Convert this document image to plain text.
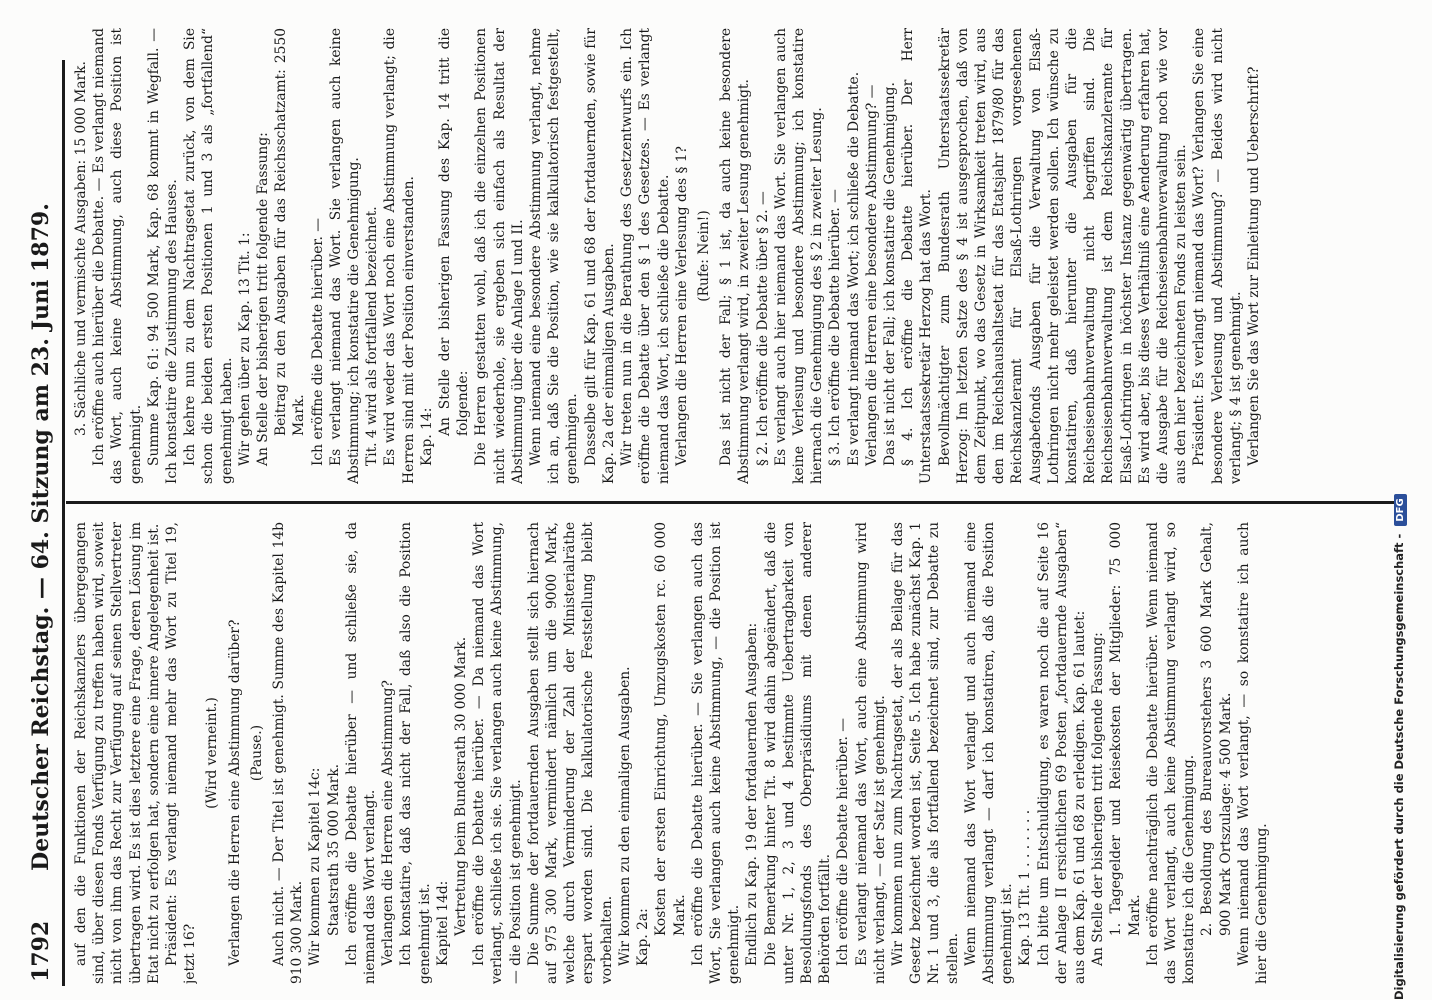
1792
Deutscher Reichstag. — 64. Sitzung am 23. Juni 1879. auf den die Funktionen der Reichskanzlers übergegangen sind, über diesen Fonds Verfügung zu treffen haben wird, soweit nicht von ihm das Recht zur Verfügung auf seinen Stellvertreter übertragen wird. Es ist dies letztere eine Frage, deren Lösung im Etat nicht zu erfolgen hat, sondern eine innere Angelegenheit ist. Präsident: Es verlangt niemand mehr das Wort zu Titel 19, jetzt 16?

(Wird verneint.) Verlangen die Herren eine Abstimmung darüber? (Pause.) Auch nicht. — Der Titel ist genehmigt. Summe des Kapitel 14b 910 300 Mark. Wir kommen zu Kapitel 14c: Staatsrath 35 000 Mark. Ich eröffne die Debatte hierüber — und schließe sie, da niemand das Wort verlangt. Verlangen die Herren eine Abstimmung? Ich konstatire, daß das nicht der Fall, daß also die Position genehmigt ist. Kapitel 14d: Vertretung beim Bundesrath 30 000 Mark. Ich eröffne die Debatte hierüber. — Da niemand das Wort verlangt, schließe ich sie. Sie verlangen auch keine Abstimmung, — die Position ist genehmigt. Die Summe der fortdauernden Ausgaben stellt sich hiernach auf 975 300 Mark, vermindert nämlich um die 9000 Mark, welche durch Verminderung der Zahl der Ministerialräthe erspart worden sind. Die kalkulatorische Feststellung bleibt vorbehalten. Wir kommen zu den einmaligen Ausgaben. Kap. 2a:

Kosten der ersten Einrichtung, Umzugskosten rc. 60 000 Mark. Ich eröffne die Debatte hierüber. — Sie verlangen auch das Wort, Sie verlangen auch keine Abstimmung, — die Position ist genehmigt. Endlich zu Kap. 19 der fortdauernden Ausgaben: Die Bemerkung hinter Tit. 8 wird dahin abgeändert, daß die unter Nr. 1, 2, 3 und 4 bestimmte Uebertragbarkeit von Besoldungsfonds des Oberpräsidiums mit denen anderer Behörden fortfällt. Ich eröffne die Debatte hierüber. — Es verlangt niemand das Wort, auch eine Abstimmung wird nicht verlangt, — der Satz ist genehmigt. Wir kommen nun zum Nachtragsetat, der als Beilage für das Gesetz bezeichnet worden ist, Seite 5. Ich habe zunächst Kap. 1 Nr. 1 und 3, die als fortfallend bezeichnet sind, zur Debatte zu stellen. Wenn niemand das Wort verlangt und auch niemand eine Abstimmung verlangt — darf ich konstatiren, daß die Position genehmigt ist. Kap. 13 Tit. 1 . . . . . . . Ich bitte um Entschuldigung, es waren noch die auf Seite 16 der Anlage II ersichtlichen 69 Posten „fortdauernde Ausgaben“ aus dem Kap. 61 und 68 zu erledigen. Kap. 61 lautet: An Stelle der bisherigen tritt folgende Fassung: 1. Tagegelder und Reisekosten der Mitglieder: 75 000 Mark. Ich eröffne nachträglich die Debatte hierüber. Wenn niemand das Wort verlangt, auch keine Abstimmung verlangt wird, so konstatire ich die Genehmigung. 2. Besoldung des Bureauvorstehers 3 600 Mark Gehalt, 900 Mark Ortszulage: 4 500 Mark. Wenn niemand das Wort verlangt, — so konstatire ich auch hier die Genehmigung.

3. Sächliche und vermischte Ausgaben: 15 000 Mark. Ich eröffne auch hierüber die Debatte. — Es verlangt niemand das Wort, auch keine Abstimmung, auch diese Position ist genehmigt. Summe Kap. 61: 94 500 Mark, Kap. 68 kommt in Wegfall. — Ich konstatire die Zustimmung des Hauses. Ich kehre nun zu dem Nachtragsetat zurück, von dem Sie schon die beiden ersten Positionen 1 und 3 als „fortfallend“ genehmigt haben. Wir gehen über zu Kap. 13 Tit. 1: An Stelle der bisherigen tritt folgende Fassung: Beitrag zu den Ausgaben für das Reichsschatzamt: 2550 Mark. Ich eröffne die Debatte hierüber. — Es verlangt niemand das Wort. Sie verlangen auch keine Abstimmung; ich konstatire die Genehmigung. Tit. 4 wird als fortfallend bezeichnet. Es wird weder das Wort noch eine Abstimmung verlangt; die Herren sind mit der Position einverstanden. Kap. 14:

An Stelle der bisherigen Fassung des Kap. 14 tritt die folgende: Die Herren gestatten wohl, daß ich die einzelnen Positionen nicht wiederhole, sie ergeben sich einfach als Resultat der Abstimmung über die Anlage I und II. Wenn niemand eine besondere Abstimmung verlangt, nehme ich an, daß Sie die Position, wie sie kalkulatorisch festgestellt, genehmigen. Dasselbe gilt für Kap. 61 und 68 der fortdauernden, sowie für Kap. 2a der einmaligen Ausgaben. Wir treten nun in die Berathung des Gesetzentwurfs ein. Ich eröffne die Debatte über den § 1 des Gesetzes. — Es verlangt niemand das Wort, ich schließe die Debatte. Verlangen die Herren eine Verlesung des § 1? (Rufe: Nein!) Das ist nicht der Fall; § 1 ist, da auch keine besondere Abstimmung verlangt wird, in zweiter Lesung genehmigt. § 2. Ich eröffne die Debatte über § 2. — Es verlangt auch hier niemand das Wort. Sie verlangen auch keine Verlesung und besondere Abstimmung; ich konstatire hiernach die Genehmigung des § 2 in zweiter Lesung. § 3. Ich eröffne die Debatte hierüber. — Es verlangt niemand das Wort; ich schließe die Debatte. Verlangen die Herren eine besondere Abstimmung? — Das ist nicht der Fall; ich konstatire die Genehmigung. § 4. Ich eröffne die Debatte hierüber. Der Herr Unterstaatssekretär Herzog hat das Wort. Bevollmächtigter zum Bundesrath Unterstaatssekretär Herzog: Im letzten Satze des § 4 ist ausgesprochen, daß von dem Zeitpunkt, wo das Gesetz in Wirksamkeit treten wird, aus den im Reichshaushaltsetat für das Etatsjahr 1879/80 für das Reichskanzleramt für Elsaß-Lothringen vorgesehenen Ausgabefonds Ausgaben für die Verwaltung von Elsaß-Lothringen nicht mehr geleistet werden sollen. Ich wünsche zu konstatiren, daß hierunter die Ausgaben für die Reichseisenbahnverwaltung nicht begriffen sind. Die Reichseisenbahnverwaltung ist dem Reichskanzleramte für Elsaß-Lothringen in höchster Instanz gegenwärtig übertragen. Es wird aber, bis dieses Verhältniß eine Aenderung erfahren hat, die Ausgabe für die Reichseisenbahnverwaltung noch wie vor aus den hier bezeichneten Fonds zu leisten sein. Präsident: Es verlangt niemand das Wort? Verlangen Sie eine besondere Verlesung und Abstimmung? — Beides wird nicht verlangt; § 4 ist genehmigt. Verlangen Sie das Wort zur Einleitung und Ueberschrift?

Digitalisierung gefördert durch die Deutsche Forschungsgemeinschaft - DFG
